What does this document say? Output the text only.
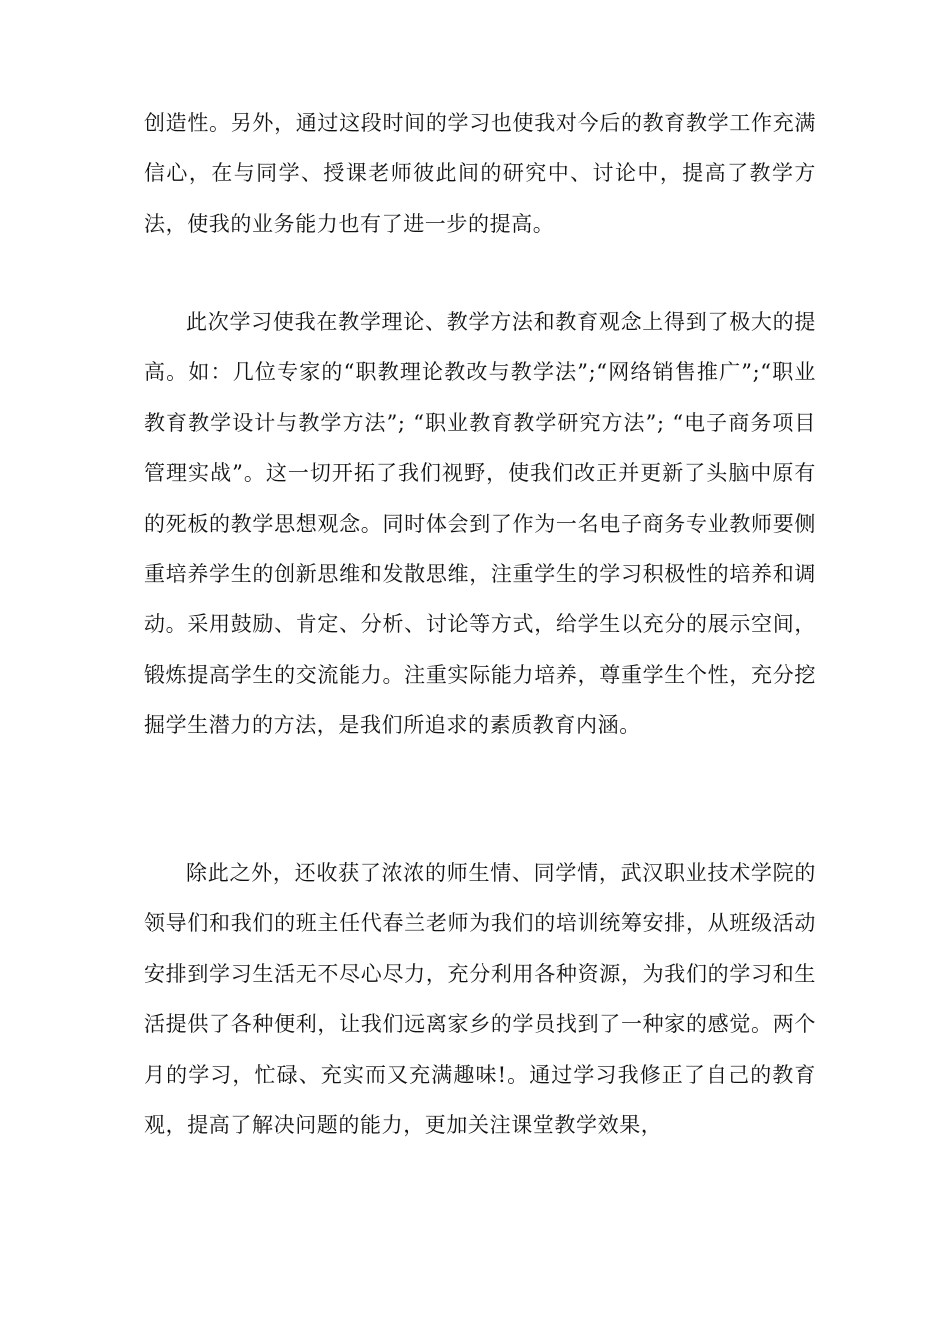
创造性。另外，通过这段时间的学习也使我对今后的教育教学工作充满信心，在与同学、授课老师彼此间的研究中、讨论中，提高了教学方法，使我的业务能力也有了进一步的提高。

此次学习使我在教学理论、教学方法和教育观念上得到了极大的提高。如：几位专家的“职教理论教改与教学法”;“网络销售推广”;“职业教育教学设计与教学方法”; “职业教育教学研究方法”; “电子商务项目管理实战”。这一切开拓了我们视野，使我们改正并更新了头脑中原有的死板的教学思想观念。同时体会到了作为一名电子商务专业教师要侧重培养学生的创新思维和发散思维，注重学生的学习积极性的培养和调动。采用鼓励、肯定、分析、讨论等方式，给学生以充分的展示空间，锻炼提高学生的交流能力。注重实际能力培养，尊重学生个性，充分挖掘学生潜力的方法，是我们所追求的素质教育内涵。

除此之外，还收获了浓浓的师生情、同学情，武汉职业技术学院的领导们和我们的班主任代春兰老师为我们的培训统筹安排，从班级活动安排到学习生活无不尽心尽力，充分利用各种资源，为我们的学习和生活提供了各种便利，让我们远离家乡的学员找到了一种家的感觉。两个月的学习，忙碌、充实而又充满趣味!。通过学习我修正了自己的教育观，提高了解决问题的能力，更加关注课堂教学效果，
